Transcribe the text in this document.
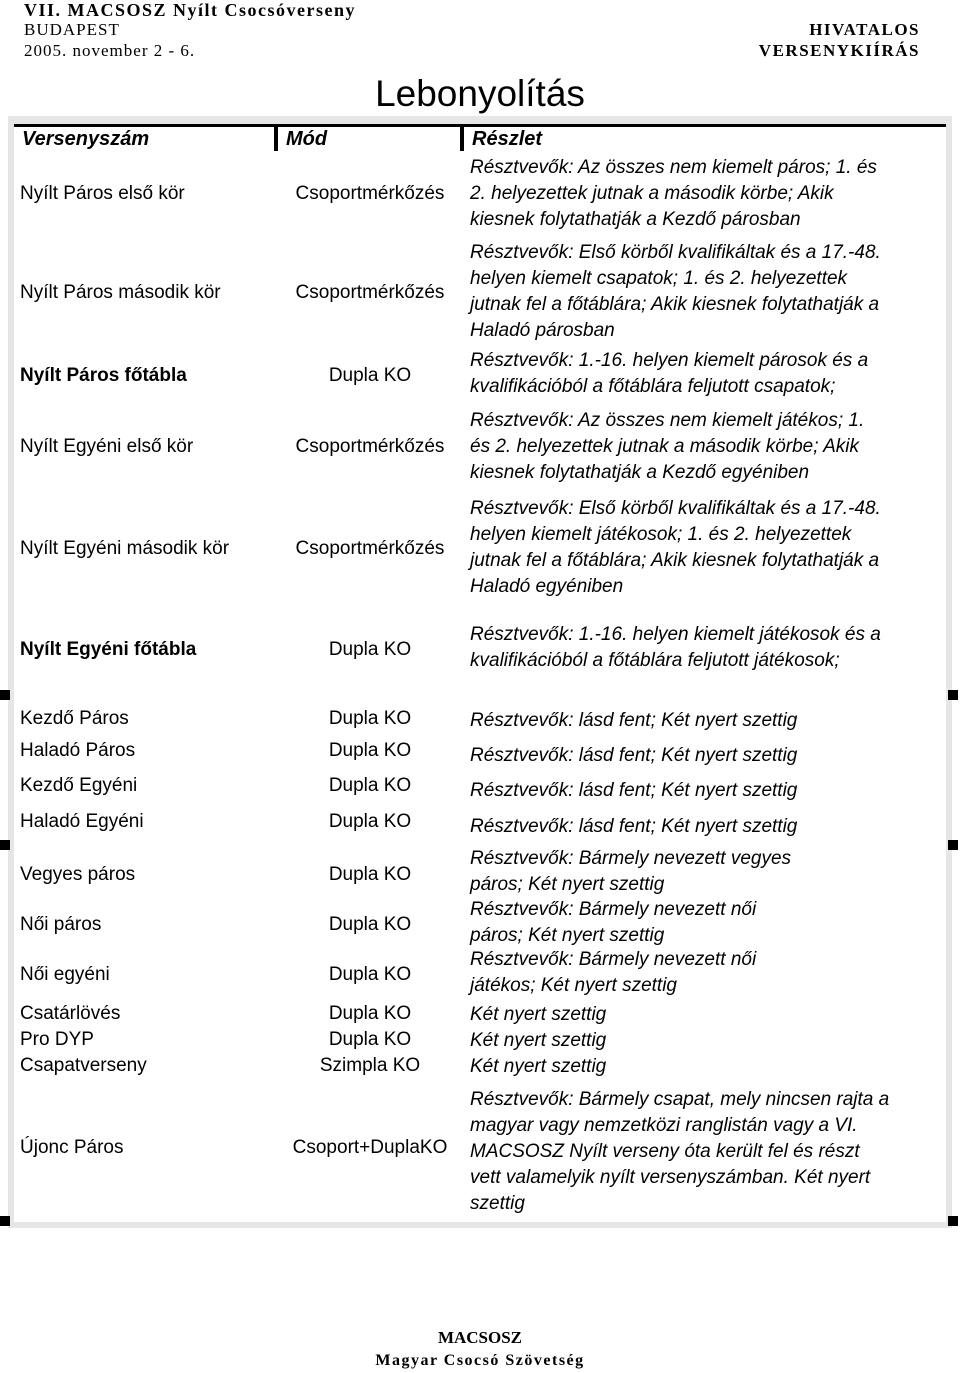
VII. MACSOSZ Nyílt Csocsóverseny
BUDAPEST
2005. november 2 - 6.
HIVATALOS
VERSENYKIÍRÁS
Lebonyolítás
Versenyszám	Mód	Részlet
Nyílt Páros első kör	Csoportmérkőzés
Résztvevők: Az összes nem kiemelt páros; 1. és
2. helyezettek jutnak a második körbe; Akik
kiesnek folytathatják a Kezdő párosban
Nyílt Páros második kör	Csoportmérkőzés
Résztvevők: Első körből kvalifikáltak és a 17.-48.
helyen kiemelt csapatok; 1. és 2. helyezettek
jutnak fel a főtáblára; Akik kiesnek folytathatják a
Haladó párosban
Nyílt Páros főtábla	Dupla KO
Résztvevők: 1.-16. helyen kiemelt párosok és a
kvalifikációból a főtáblára feljutott csapatok;
Nyílt Egyéni első kör	Csoportmérkőzés
Résztvevők: Az összes nem kiemelt játékos; 1.
és 2. helyezettek jutnak a második körbe; Akik
kiesnek folytathatják a Kezdő egyéniben
Nyílt Egyéni második kör	Csoportmérkőzés
Résztvevők: Első körből kvalifikáltak és a 17.-48.
helyen kiemelt játékosok; 1. és 2. helyezettek
jutnak fel a főtáblára; Akik kiesnek folytathatják a
Haladó egyéniben
Nyílt Egyéni főtábla	Dupla KO
Résztvevők: 1.-16. helyen kiemelt játékosok és a
kvalifikációból a főtáblára feljutott játékosok;
Kezdő Páros	Dupla KO	Résztvevők: lásd fent; Két nyert szettig
Haladó Páros	Dupla KO	Résztvevők: lásd fent; Két nyert szettig
Kezdő Egyéni	Dupla KO	Résztvevők: lásd fent; Két nyert szettig
Haladó Egyéni	Dupla KO	Résztvevők: lásd fent; Két nyert szettig
Vegyes páros	Dupla KO
Résztvevők: Bármely nevezett vegyes
páros; Két nyert szettig
Női páros	Dupla KO
Résztvevők: Bármely nevezett női
páros; Két nyert szettig
Női egyéni	Dupla KO
Résztvevők: Bármely nevezett női
játékos; Két nyert szettig
Csatárlövés	Dupla KO	Két nyert szettig
Pro DYP	Dupla KO	Két nyert szettig
Csapatverseny	Szimpla KO	Két nyert szettig
Újonc Páros	Csoport+DuplaKO
Résztvevők: Bármely csapat, mely nincsen rajta a
magyar vagy nemzetközi ranglistán vagy a VI.
MACSOSZ Nyílt verseny óta került fel és részt
vett valamelyik nyílt versenyszámban. Két nyert
szettig
MACSOSZ
Magyar Csocsó Szövetség
